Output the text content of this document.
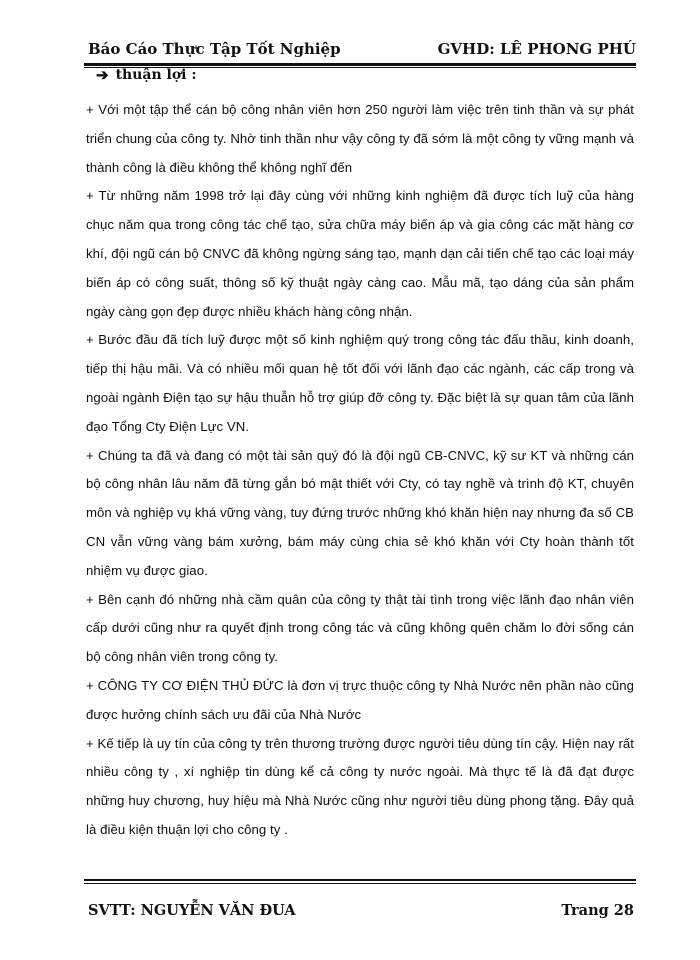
Báo Cáo Thực Tập Tốt Nghiệp	GVHD: LÊ PHONG PHÚ
➔ thuận lợi :

+ Với một tập thể cán bộ công nhân viên hơn 250 người làm việc trên tinh thần và sự phát triển chung của công ty. Nhờ tinh thần như vậy công ty đã sớm là một công ty vững mạnh và thành công là điều không thể không nghĩ đến

+ Từ những năm 1998 trở lại đây cùng với những kinh nghiệm đã được tích luỹ của hàng chục năm qua trong công tác chế tạo, sửa chữa máy biến áp và gia công các mặt hàng cơ khí, đội ngũ cán bộ CNVC đã không ngừng sáng tạo, mạnh dạn cải tiến chế tạo các loại máy biến áp có công suất, thông số kỹ thuật ngày càng cao. Mẫu mã, tạo dáng của sản phẩm ngày càng gọn đẹp được nhiều khách hàng công nhận.

+ Bước đầu đã tích luỹ được một số kinh nghiệm quý trong công tác đấu thầu, kinh doanh, tiếp thị hậu mãi. Và có nhiều mối quan hệ tốt đối với lãnh đạo các ngành, các cấp trong và ngoài ngành Điện tạo sự hậu thuẫn hỗ trợ giúp đỡ công ty. Đặc biệt là sự quan tâm của lãnh đạo Tổng Cty Điện Lực VN.

+ Chúng ta đã và đang có một tài sản quý đó là đội ngũ CB-CNVC, kỹ sư KT và những cán bộ công nhân lâu năm đã từng gắn bó mật thiết với Cty, có tay nghề và trình độ KT, chuyên môn và nghiệp vụ khá vững vàng, tuy đứng trước những khó khăn hiện nay nhưng đa số CB CN vẫn vững vàng bám xưởng, bám máy cùng chia sẻ khó khăn với Cty hoàn thành tốt nhiệm vụ được giao.

+ Bên cạnh đó những nhà cầm quân của công ty thật tài tình trong việc lãnh đạo nhân viên cấp dưới cũng như ra quyết định trong công tác và cũng không quên chăm lo đời sống cán bộ công nhân viên trong công ty.

+ CÔNG TY CƠ ĐIỆN THỦ ĐỨC là đơn vị trực thuộc công ty Nhà Nước nên phần nào cũng được hưởng chính sách ưu đãi của Nhà Nước

+ Kế tiếp là uy tín của công ty trên thương trường được người tiêu dùng tín cậy. Hiện nay rất nhiều công ty , xí nghiệp tin dùng kể cả công ty nước ngoài. Mà thực tế là đã đạt được những huy chương, huy hiệu mà Nhà Nước cũng như người tiêu dùng phong tặng. Đây quả là điều kiện thuận lợi cho công ty .

SVTT: NGUYỄN VĂN ĐUA	Trang 28
